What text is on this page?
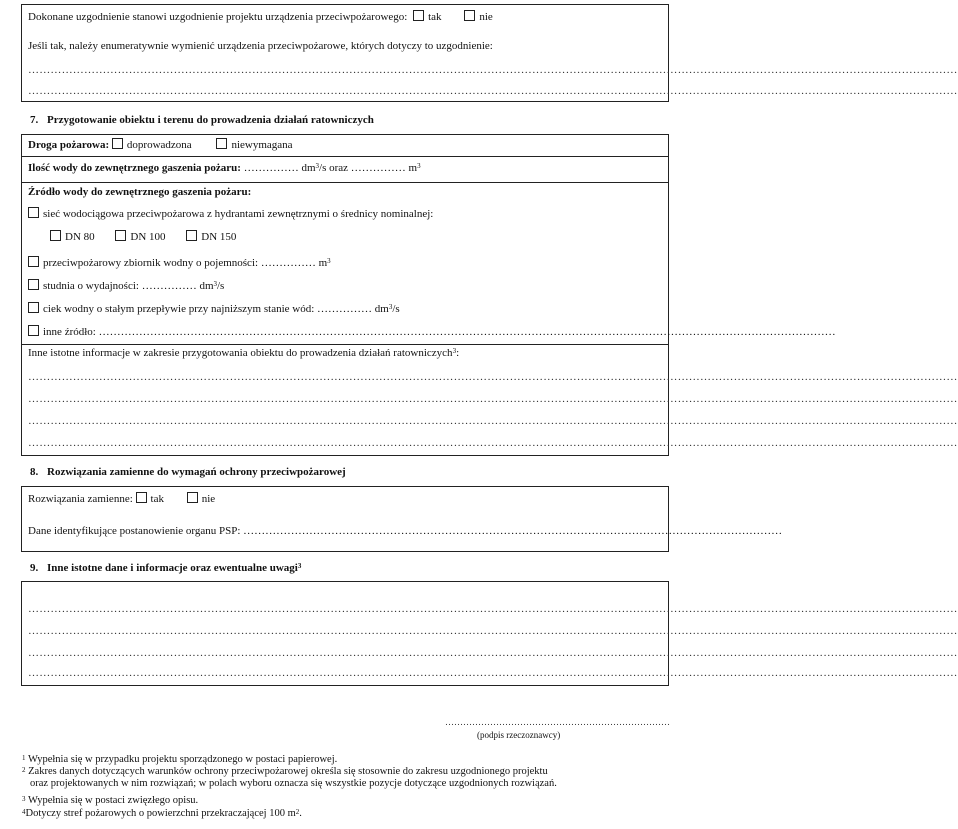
Dokonane uzgodnienie stanowi uzgodnienie projektu urządzenia przeciwpożarowego: tak	nie
Jeśli tak, należy enumeratywnie wymienić urządzenia przeciwpożarowe, których dotyczy to uzgodnienie:
……………………………………………………………………………………………………………………………………………………………………………………………………………………………
……………………………………………………………………………………………………………………………………………………………………………………………………………………………
7. Przygotowanie obiektu i terenu do prowadzenia działań ratowniczych
Droga pożarowa: doprowadzona	niewymagana
Ilość wody do zewnętrznego gaszenia pożaru: …………… $dm^3/s$ oraz …………… $m^3$
Źródło wody do zewnętrznego gaszenia pożaru:
sieć wodociągowa przeciwpożarowa z hydrantami zewnętrznymi o średnicy nominalnej:
DN 80	DN 100	DN 150
przeciwpożarowy zbiornik wodny o pojemności: …………… $m^3$
studnia o wydajności: …………… $dm^3/s$
ciek wodny o stałym przepływie przy najniższym stanie wód: …………… $dm^3/s$
inne źródło: …………………………………………………………………………………………………………………………………………………………………………………
Inne istotne informacje w zakresie przygotowania obiektu do prowadzenia działań ratowniczych$^3$:
……………………………………………………………………………………………………………………………………………………………………………………………………………………………
……………………………………………………………………………………………………………………………………………………………………………………………………………………………
……………………………………………………………………………………………………………………………………………………………………………………………………………………………
……………………………………………………………………………………………………………………………………………………………………………………………………………………………
8. Rozwiązania zamienne do wymagań ochrony przeciwpożarowej
Rozwiązania zamienne: tak	nie
Dane identyfikujące postanowienie organu PSP: …………………………………………………………………………………………………………………………………
9. Inne istotne dane i informacje oraz ewentualne uwagi$^3$
……………………………………………………………………………………………………………………………………………………………………………………………………………………………
……………………………………………………………………………………………………………………………………………………………………………………………………………………………
……………………………………………………………………………………………………………………………………………………………………………………………………………………………
……………………………………………………………………………………………………………………………………………………………………………………………………………………………
…………………………………………………………………
(podpis rzeczoznawcy)
$^1$ Wypełnia się w przypadku projektu sporządzonego w postaci papierowej.
$^2$ Zakres danych dotyczących warunków ochrony przeciwpożarowej określa się stosownie do zakresu uzgodnionego projektu
oraz projektowanych w nim rozwiązań; w polach wyboru oznacza się wszystkie pozycje dotyczące uzgodnionych rozwiązań.
$^3$ Wypełnia się w postaci zwięzłego opisu.
$^4$Dotyczy stref pożarowych o powierzchni przekraczającej 100 $m^2$.
